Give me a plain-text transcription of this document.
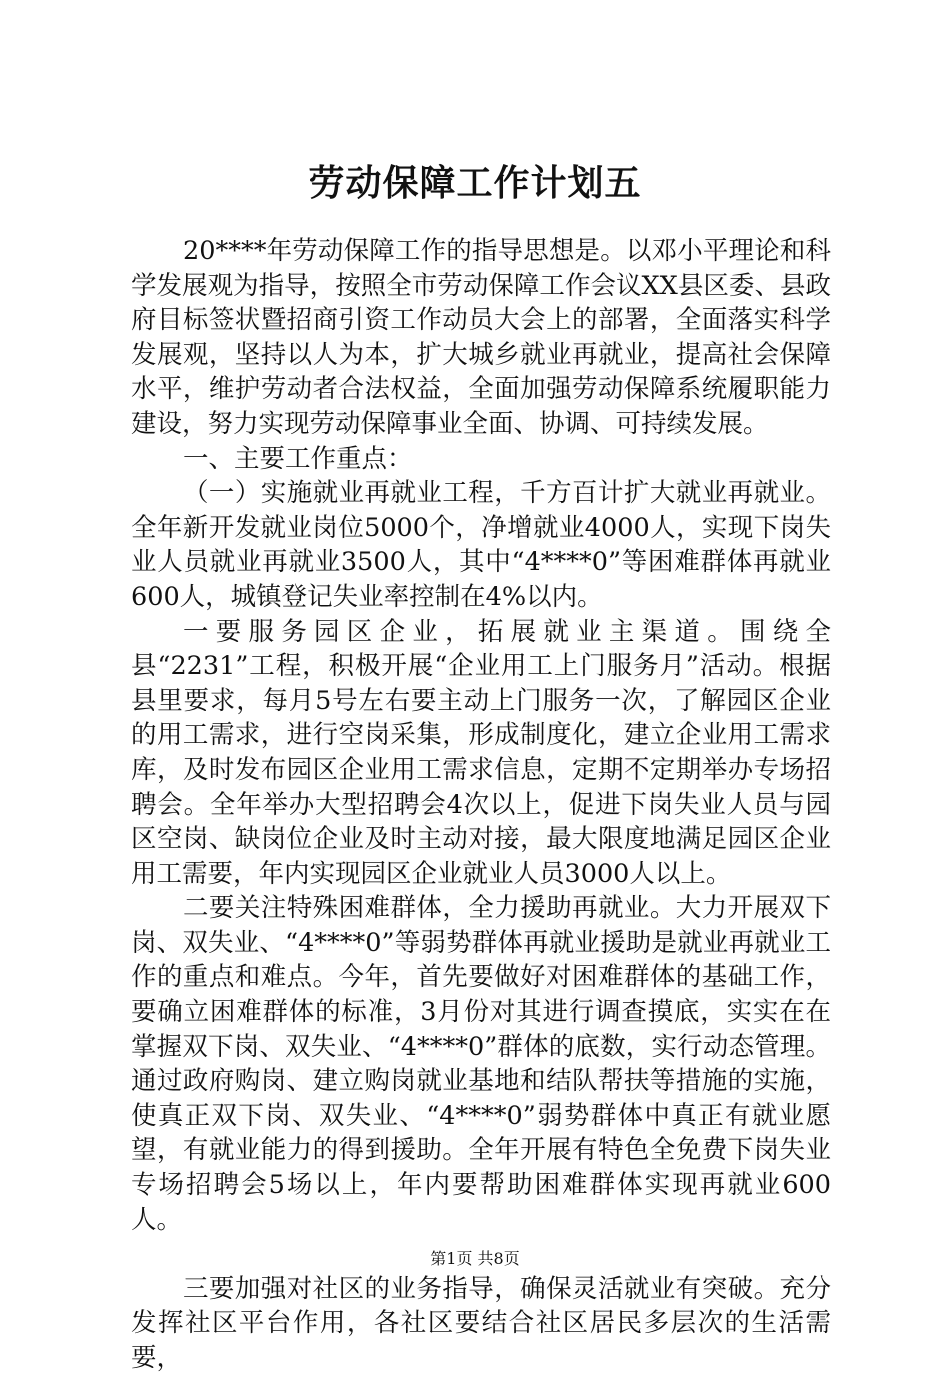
劳动保障工作计划五

20****年劳动保障工作的指导思想是。以邓小平理论和科学发展观为指导，按照全市劳动保障工作会议XX县区委、县政府目标签状暨招商引资工作动员大会上的部署，全面落实科学发展观，坚持以人为本，扩大城乡就业再就业，提高社会保障水平，维护劳动者合法权益，全面加强劳动保障系统履职能力建设，努力实现劳动保障事业全面、协调、可持续发展。

一、主要工作重点：

（一）实施就业再就业工程，千方百计扩大就业再就业。全年新开发就业岗位5000个，净增就业4000人，实现下岗失业人员就业再就业3500人，其中“4****0”等困难群体再就业600人，城镇登记失业率控制在4%以内。

一要服务园区企业，拓展就业主渠道。围绕全县“2231”工程，积极开展“企业用工上门服务月”活动。根据县里要求，每月5号左右要主动上门服务一次，了解园区企业的用工需求，进行空岗采集，形成制度化，建立企业用工需求库，及时发布园区企业用工需求信息，定期不定期举办专场招聘会。全年举办大型招聘会4次以上，促进下岗失业人员与园区空岗、缺岗位企业及时主动对接，最大限度地满足园区企业用工需要，年内实现园区企业就业人员3000人以上。

二要关注特殊困难群体，全力援助再就业。大力开展双下岗、双失业、“4****0”等弱势群体再就业援助是就业再就业工作的重点和难点。今年，首先要做好对困难群体的基础工作，要确立困难群体的标准，3月份对其进行调查摸底，实实在在掌握双下岗、双失业、“4****0”群体的底数，实行动态管理。通过政府购岗、建立购岗就业基地和结队帮扶等措施的实施，使真正双下岗、双失业、“4****0”弱势群体中真正有就业愿望，有就业能力的得到援助。全年开展有特色全免费下岗失业专场招聘会5场以上，年内要帮助困难群体实现再就业600人。

三要加强对社区的业务指导，确保灵活就业有突破。充分发挥社区平台作用，各社区要结合社区居民多层次的生活需要，

第1页 共8页
